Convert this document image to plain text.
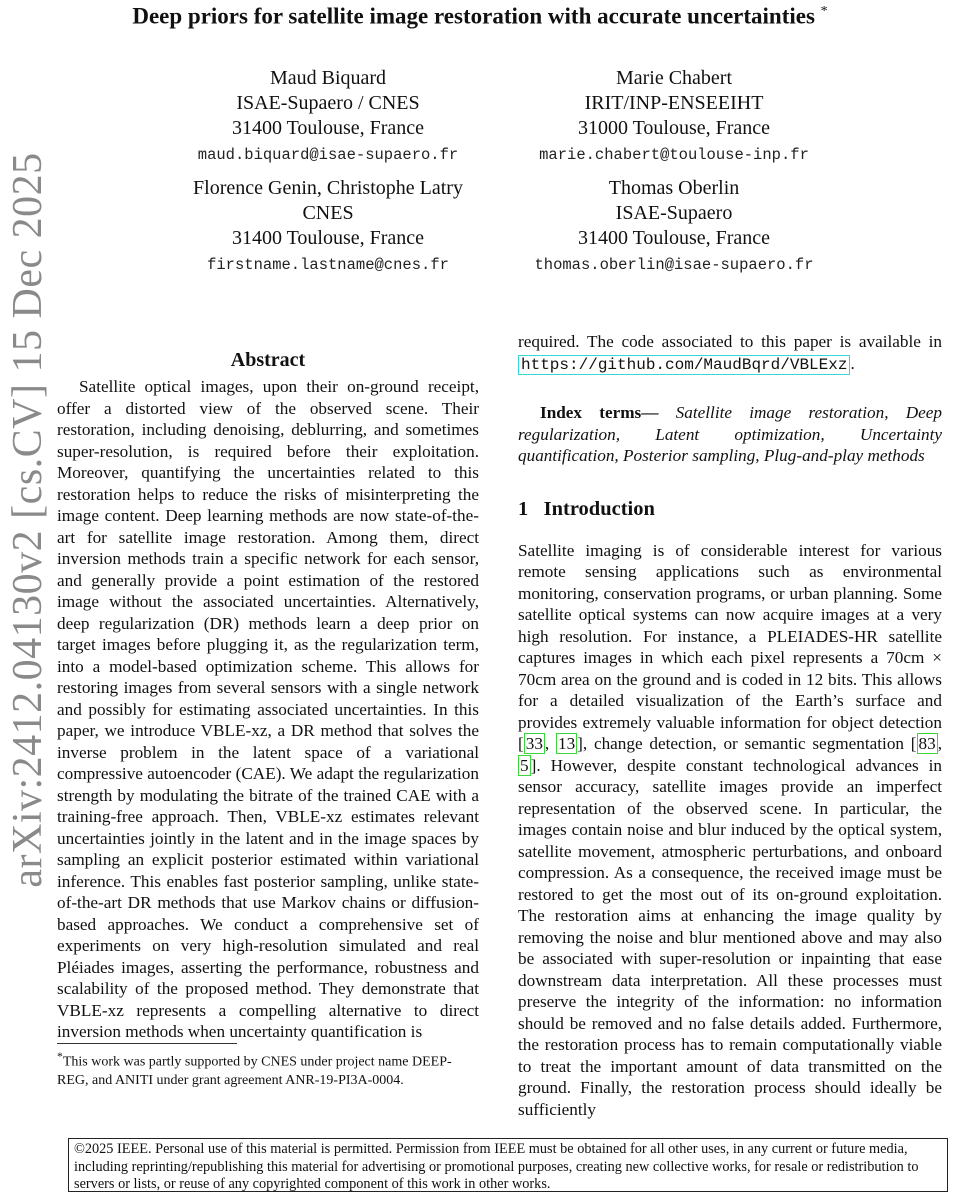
Deep priors for satellite image restoration with accurate uncertainties *
Maud Biquard
ISAE-Supaero / CNES
31400 Toulouse, France
maud.biquard@isae-supaero.fr
Marie Chabert
IRIT/INP-ENSEEIHT
31000 Toulouse, France
marie.chabert@toulouse-inp.fr
Florence Genin, Christophe Latry
CNES
31400 Toulouse, France
firstname.lastname@cnes.fr
Thomas Oberlin
ISAE-Supaero
31400 Toulouse, France
thomas.oberlin@isae-supaero.fr
arXiv:2412.04130v2 [cs.CV] 15 Dec 2025	Abstract

Satellite optical images, upon their on-ground receipt, offer a distorted view of the observed scene. Their restoration, including denoising, deblurring, and sometimes super-resolution, is required before their exploitation. Moreover, quantifying the uncertainties related to this restoration helps to reduce the risks of misinterpreting the image content. Deep learning methods are now state-of-the-art for satellite image restoration. Among them, direct inversion methods train a specific network for each sensor, and generally provide a point estimation of the restored image without the associated uncertainties. Alternatively, deep regularization (DR) methods learn a deep prior on target images before plugging it, as the regularization term, into a model-based optimization scheme. This allows for restoring images from several sensors with a single network and possibly for estimating associated uncertainties. In this paper, we introduce VBLE-xz, a DR method that solves the inverse problem in the latent space of a variational compressive autoencoder (CAE). We adapt the regularization strength by modulating the bitrate of the trained CAE with a training-free approach. Then, VBLE-xz estimates relevant uncertainties jointly in the latent and in the image spaces by sampling an explicit posterior estimated within variational inference. This enables fast posterior sampling, unlike state-of-the-art DR methods that use Markov chains or diffusion-based approaches. We conduct a comprehensive set of experiments on very high-resolution simulated and real Pléiades images, asserting the performance, robustness and scalability of the proposed method. They demonstrate that VBLE-xz represents a compelling alternative to direct inversion methods when uncertainty quantification is

*This work was partly supported by CNES under project name DEEP-REG, and ANITI under grant agreement ANR-19-PI3A-0004.

required. The code associated to this paper is available in https://github.com/MaudBqrd/VBLExz .

Index terms— Satellite image restoration, Deep regularization, Latent optimization, Uncertainty quantification, Posterior sampling, Plug-and-play methods

1 Introduction

Satellite imaging is of considerable interest for various remote sensing applications such as environmental monitoring, conservation programs, or urban planning. Some satellite optical systems can now acquire images at a very high resolution. For instance, a PLEIADES-HR satellite captures images in which each pixel represents a 70cm × 70cm area on the ground and is coded in 12 bits. This allows for a detailed visualization of the Earth’s surface and provides extremely valuable information for object detection [ 33 , 13 ], change detection, or semantic segmentation [ 83 , 5 ]. However, despite constant technological advances in sensor accuracy, satellite images provide an imperfect representation of the observed scene. In particular, the images contain noise and blur induced by the optical system, satellite movement, atmospheric perturbations, and onboard compression. As a consequence, the received image must be restored to get the most out of its on-ground exploitation. The restoration aims at enhancing the image quality by removing the noise and blur mentioned above and may also be associated with super-resolution or inpainting that ease downstream data interpretation. All these processes must preserve the integrity of the information: no information should be removed and no false details added. Furthermore, the restoration process has to remain computationally viable to treat the important amount of data transmitted on the ground. Finally, the restoration process should ideally be sufficiently

©2025 IEEE. Personal use of this material is permitted. Permission from IEEE must be obtained for all other uses, in any current or future media, including reprinting/republishing this material for advertising or promotional purposes, creating new collective works, for resale or redistribution to servers or lists, or reuse of any copyrighted component of this work in other works.
